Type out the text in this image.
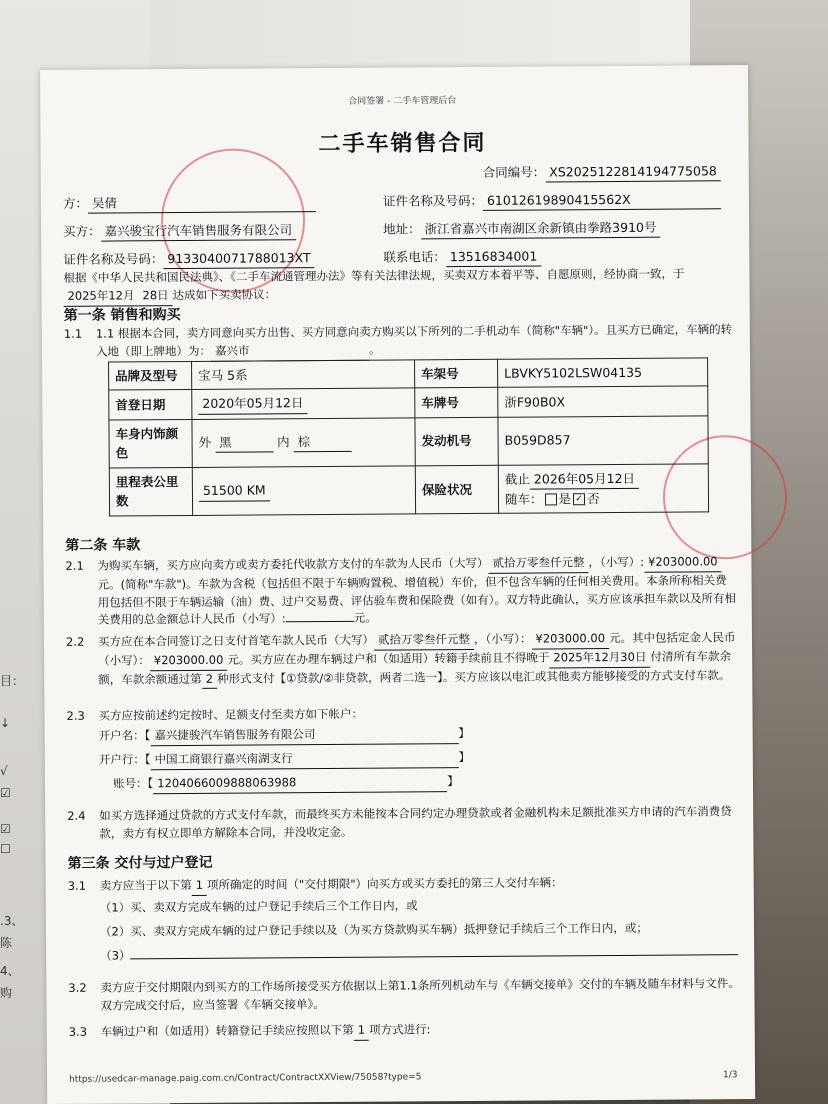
目：
↓
√
☑
☑
☐
.3、
陈
4、
购
合同签署 - 二手车管理后台
二手车销售合同
合同编号： XS2025122814194775058
方： 吴倩	证件名称及号码： 610126198904155​62X
买方： 嘉兴骏宝行汽车销售服务有限公司	地址： 浙江省嘉兴市南湖区余新镇由拳路3910号
证件名称及号码： 9133040071788013XT	联系电话： 13516834001
根据《中华人民共和国民法典》、《二手车流通管理办法》等有关法律法规，买卖双方本着平等、自愿原则，经协商一致，于2025年12月 28日 达成如下买卖协议：
第一条 销售和购买
1.1 1.1 根据本合同，卖方同意向买方出售、买方同意向卖方购买以下所列的二手机动车（简称"车辆"）。且买方已确定，车辆的转入地（即上牌地）为： 嘉兴市	。
品牌及型号	宝马 5系	车架号	LBVKY5102LSW04135
首登日期	2020年05月12日	车牌号	浙F90B0X
车身内饰颜色	外 黑 内 棕	发动机号	B059D857
里程表公里数	51500 KM	保险状况	截止 2026年05月12日
随车： 是 ✓ 否
第二条 车款
2.1 为购买车辆，买方应向卖方或卖方委托代收款方支付的车款为人民币（大写） 贰拾万零叁仟元整 ，（小写）: ¥203000.00元。(简称"车款")。车款为含税（包括但不限于车辆购置税、增值税）车价，但不包含车辆的任何相关费用。本条所称相关费用包括但不限于车辆运输（油）费、过户交易费、评估验车费和保险费（如有）。双方特此确认，买方应该承担车款以及所有相关费用的总金额总计人民币（小写）:	元。
2.2 买方应在本合同签订之日支付首笔车款人民币（大写） 贰拾万零叁仟元整 ，（小写）： ¥203000.00 元。其中包括定金人民币（小写）： ¥203000.00 元。买方应在办理车辆过户和（如适用）转籍手续前且不得晚于 2025年12月30日 付清所有车款余额，车款余额通过第 2 种形式支付【①贷款/②非贷款，两者二选一】。买方应该以电汇或其他卖方能够接受的方式支付车款。
2.3 买方应按前述约定按时、足额支付至卖方如下帐户：
开户名：【 嘉兴捷骏汽车销售服务有限公司	】
开户行：【 中国工商银行嘉兴南湖支行	】
账号：【 1204066009888063988	】
2.4 如买方选择通过贷款的方式支付车款，而最终买方未能按本合同约定办理贷款或者金融机构未足额批准买方申请的汽车消费贷款，卖方有权立即单方解除本合同，并没收定金。
第三条 交付与过户登记
3.1 卖方应当于以下第 1 项所确定的时间（"交付期限"）向买方或买方委托的第三人交付车辆：
（1）买、卖双方完成车辆的过户登记手续后三个工作日内，或
（2）买、卖双方完成车辆的过户登记手续以及（为买方贷款购买车辆）抵押登记手续后三个工作日内，或；
（3）
3.2 卖方应于交付期限内到买方的工作场所接受买方依据以上第1.1条所列机动车与《车辆交接单》交付的车辆及随车材料与文件。双方完成交付后，应当签署《车辆交接单》。
3.3 车辆过户和（如适用）转籍登记手续应按照以下第 1 项方式进行:
https://usedcar-manage.paig.com.cn/Contract/ContractXXView/75058?type=5	1/3
